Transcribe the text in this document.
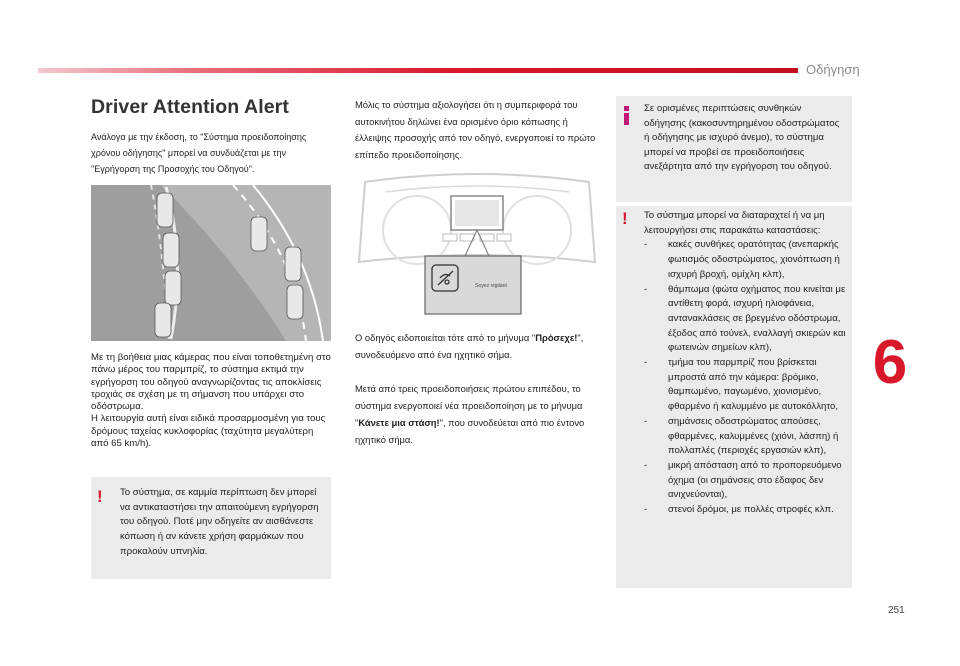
Οδήγηση
6
251
Driver Attention Alert

Ανάλογα με την έκδοση, το "Σύστημα προειδοποίησης χρόνου οδήγησης" μπορεί να συνδυάζεται με την "Εγρήγορση της Προσοχής του Οδηγού".

Με τη βοήθεια μιας κάμερας που είναι τοποθετημένη στο πάνω μέρος του παρμπρίζ, το σύστημα εκτιμά την εγρήγορση του οδηγού αναγνωρίζοντας τις αποκλίσεις τροχιάς σε σχέση με τη σήμανση που υπάρχει στο οδόστρωμα.

Η λειτουργία αυτή είναι ειδικά προσαρμοσμένη για τους δρόμους ταχείας κυκλοφορίας (ταχύτητα μεγαλύτερη από 65 km/h).

! Το σύστημα, σε καμμία περίπτωση δεν μπορεί να αντικαταστήσει την απαιτούμενη εγρήγορση του οδηγού. Ποτέ μην οδηγείτε αν αισθάνεστε κόπωση ή αν κάνετε χρήση φαρμάκων που προκαλούν υπνηλία.

Μόλις το σύστημα αξιολογήσει ότι η συμπεριφορά του αυτοκινήτου δηλώνει ένα ορισμένο όριο κόπωσης ή έλλειψης προσοχής από τον οδηγό, ενεργοποιεί το πρώτο επίπεδο προειδοποίησης.

Soyez vigilant

Ο οδηγός ειδοποιείται τότε από το μήνυμα "Πρόσεχε!", συνοδευόμενο από ένα ηχητικό σήμα.

Μετά από τρεις προειδοποιήσεις πρώτου επιπέδου, το σύστημα ενεργοποιεί νέα προειδοποίηση με το μήνυμα "Κάνετε μια στάση!", που συνοδεύεται από πιο έντονο ηχητικό σήμα.

Σε ορισμένες περιπτώσεις συνθηκών οδήγησης (κακοσυντηρημένου οδοστρώματος ή οδήγησης με ισχυρό άνεμο), το σύστημα μπορεί να προβεί σε προειδοποιήσεις ανεξάρτητα από την εγρήγορση του οδηγού.

! Το σύστημα μπορεί να διαταραχτεί ή να μη λειτουργήσει στις παρακάτω καταστάσεις:

- κακές συνθήκες ορατότητας (ανεπαρκής φωτισμός οδοστρώματος, χιονόπτωση ή ισχυρή βροχή, ομίχλη κλπ),
- θάμπωμα (φώτα οχήματος που κινείται με αντίθετη φορά, ισχυρή ηλιοφάνεια, αντανακλάσεις σε βρεγμένο οδόστρωμα, έξοδος από τούνελ, εναλλαγή σκιερών και φωτεινών σημείων κλπ),
- τμήμα του παρμπρίζ που βρίσκεται μπροστά από την κάμερα: βρόμικο, θαμπωμένο, παγωμένο, χιονισμένο, φθαρμένο ή καλυμμένο με αυτοκόλλητο,
- σημάνσεις οδοστρώματος απούσες, φθαρμένες, καλυμμένες (χιόνι, λάσπη) ή πολλαπλές (περιοχές εργασιών κλπ),
- μικρή απόσταση από το προπορευόμενο όχημα (οι σημάνσεις στο έδαφος δεν ανιχνεύονται),
- στενοί δρόμοι, με πολλές στροφές κλπ.
